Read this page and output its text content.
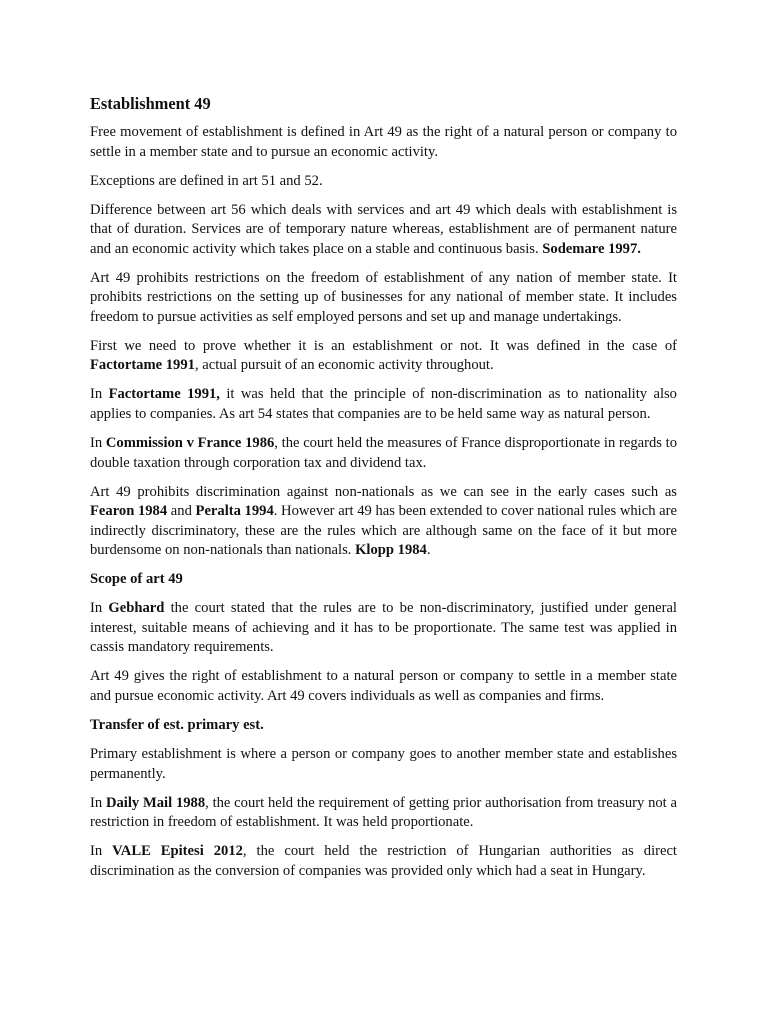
Establishment 49

Free movement of establishment is defined in Art 49 as the right of a natural person or company to settle in a member state and to pursue an economic activity.

Exceptions are defined in art 51 and 52.

Difference between art 56 which deals with services and art 49 which deals with establishment is that of duration. Services are of temporary nature whereas, establishment are of permanent nature and an economic activity which takes place on a stable and continuous basis. Sodemare 1997.

Art 49 prohibits restrictions on the freedom of establishment of any nation of member state. It prohibits restrictions on the setting up of businesses for any national of member state. It includes freedom to pursue activities as self employed persons and set up and manage undertakings.

First we need to prove whether it is an establishment or not. It was defined in the case of Factortame 1991, actual pursuit of an economic activity throughout.

In Factortame 1991, it was held that the principle of non-discrimination as to nationality also applies to companies. As art 54 states that companies are to be held same way as natural person.

In Commission v France 1986, the court held the measures of France disproportionate in regards to double taxation through corporation tax and dividend tax.

Art 49 prohibits discrimination against non-nationals as we can see in the early cases such as Fearon 1984 and Peralta 1994. However art 49 has been extended to cover national rules which are indirectly discriminatory, these are the rules which are although same on the face of it but more burdensome on non-nationals than nationals. Klopp 1984.

Scope of art 49

In Gebhard the court stated that the rules are to be non-discriminatory, justified under general interest, suitable means of achieving and it has to be proportionate. The same test was applied in cassis mandatory requirements.

Art 49 gives the right of establishment to a natural person or company to settle in a member state and pursue economic activity. Art 49 covers individuals as well as companies and firms.

Transfer of est. primary est.

Primary establishment is where a person or company goes to another member state and establishes permanently.

In Daily Mail 1988, the court held the requirement of getting prior authorisation from treasury not a restriction in freedom of establishment. It was held proportionate.

In VALE Epitesi 2012, the court held the restriction of Hungarian authorities as direct discrimination as the conversion of companies was provided only which had a seat in Hungary.
